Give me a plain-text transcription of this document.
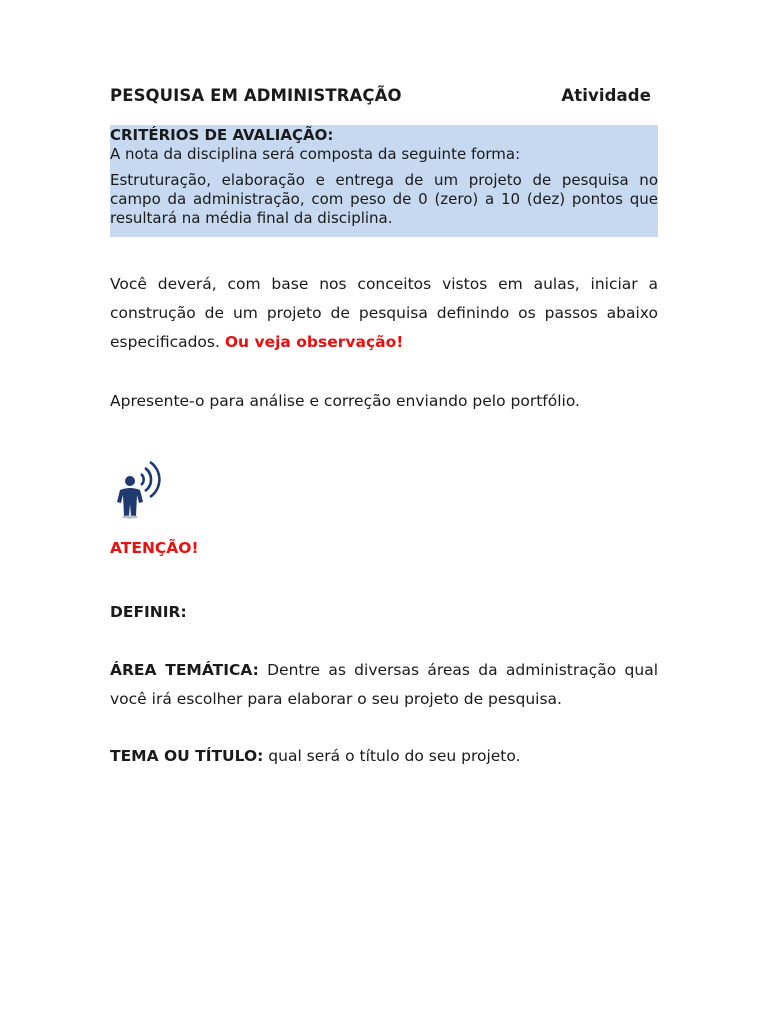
PESQUISA EM ADMINISTRAÇÃO	Atividade
CRITÉRIOS DE AVALIAÇÃO:
A nota da disciplina será composta da seguinte forma:
Estruturação, elaboração e entrega de um projeto de pesquisa no campo da administração, com peso de 0 (zero) a 10 (dez) pontos que resultará na média final da disciplina.
Você deverá, com base nos conceitos vistos em aulas, iniciar a construção de um projeto de pesquisa definindo os passos abaixo especificados. Ou veja observação!
Apresente-o para análise e correção enviando pelo portfólio.
ATENÇÃO!
DEFINIR:
ÁREA TEMÁTICA: Dentre as diversas áreas da administração qual você irá escolher para elaborar o seu projeto de pesquisa.
TEMA OU TÍTULO: qual será o título do seu projeto.
